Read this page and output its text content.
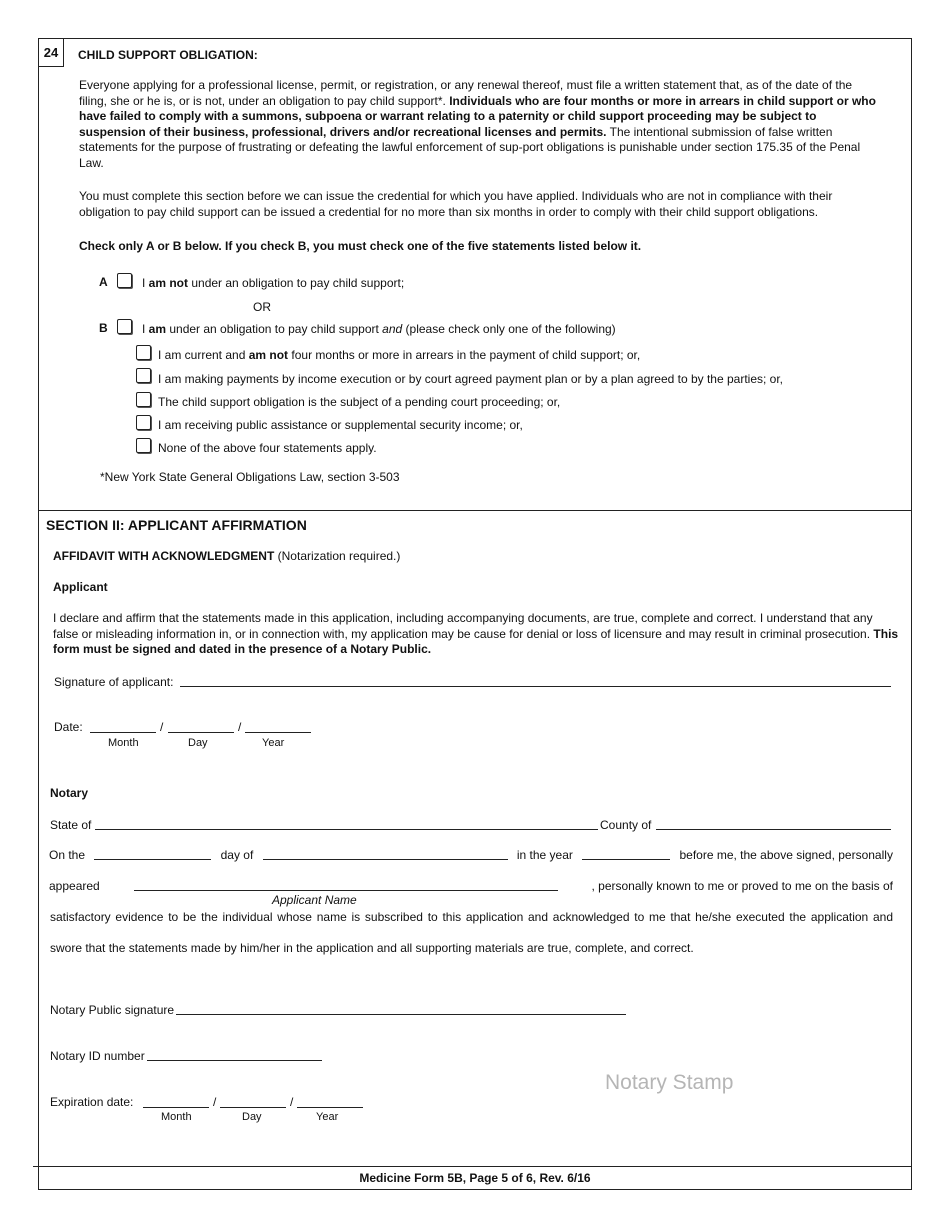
24	CHILD SUPPORT OBLIGATION:
Everyone applying for a professional license, permit, or registration, or any renewal thereof, must file a written statement that, as of the date of the filing, she or he is, or is not, under an obligation to pay child support*. Individuals who are four months or more in arrears in child support or who have failed to comply with a summons, subpoena or warrant relating to a paternity or child support proceeding may be subject to suspension of their business, professional, drivers and/or recreational licenses and permits. The intentional submission of false written statements for the purpose of frustrating or defeating the lawful enforcement of sup-port obligations is punishable under section 175.35 of the Penal Law.
You must complete this section before we can issue the credential for which you have applied. Individuals who are not in compliance with their obligation to pay child support can be issued a credential for no more than six months in order to comply with their child support obligations.
Check only A or B below. If you check B, you must check one of the five statements listed below it.
A	I am not under an obligation to pay child support;
OR
B	I am under an obligation to pay child support and (please check only one of the following)
I am current and am not four months or more in arrears in the payment of child support; or,
I am making payments by income execution or by court agreed payment plan or by a plan agreed to by the parties; or,
The child support obligation is the subject of a pending court proceeding; or,
I am receiving public assistance or supplemental security income; or,
None of the above four statements apply.
*New York State General Obligations Law, section 3-503
SECTION II: APPLICANT AFFIRMATION
AFFIDAVIT WITH ACKNOWLEDGMENT (Notarization required.)
Applicant
I declare and affirm that the statements made in this application, including accompanying documents, are true, complete and correct. I understand that any false or misleading information in, or in connection with, my application may be cause for denial or loss of licensure and may result in criminal prosecution. This form must be signed and dated in the presence of a Notary Public.
Signature of applicant:
Date:	/	/
Month	Day	Year
Notary
State of	County of
On the	day of	in the year	before me, the above signed, personally
appeared	, personally known to me or proved to me on the basis of
Applicant Name
satisfactory evidence to be the individual whose name is subscribed to this application and acknowledged to me that he/she executed the application and
swore that the statements made by him/her in the application and all supporting materials are true, complete, and correct.
Notary Public signature
Notary ID number
Notary Stamp
Expiration date:	/	/
Month	Day	Year
Medicine Form 5B, Page 5 of 6, Rev. 6/16
